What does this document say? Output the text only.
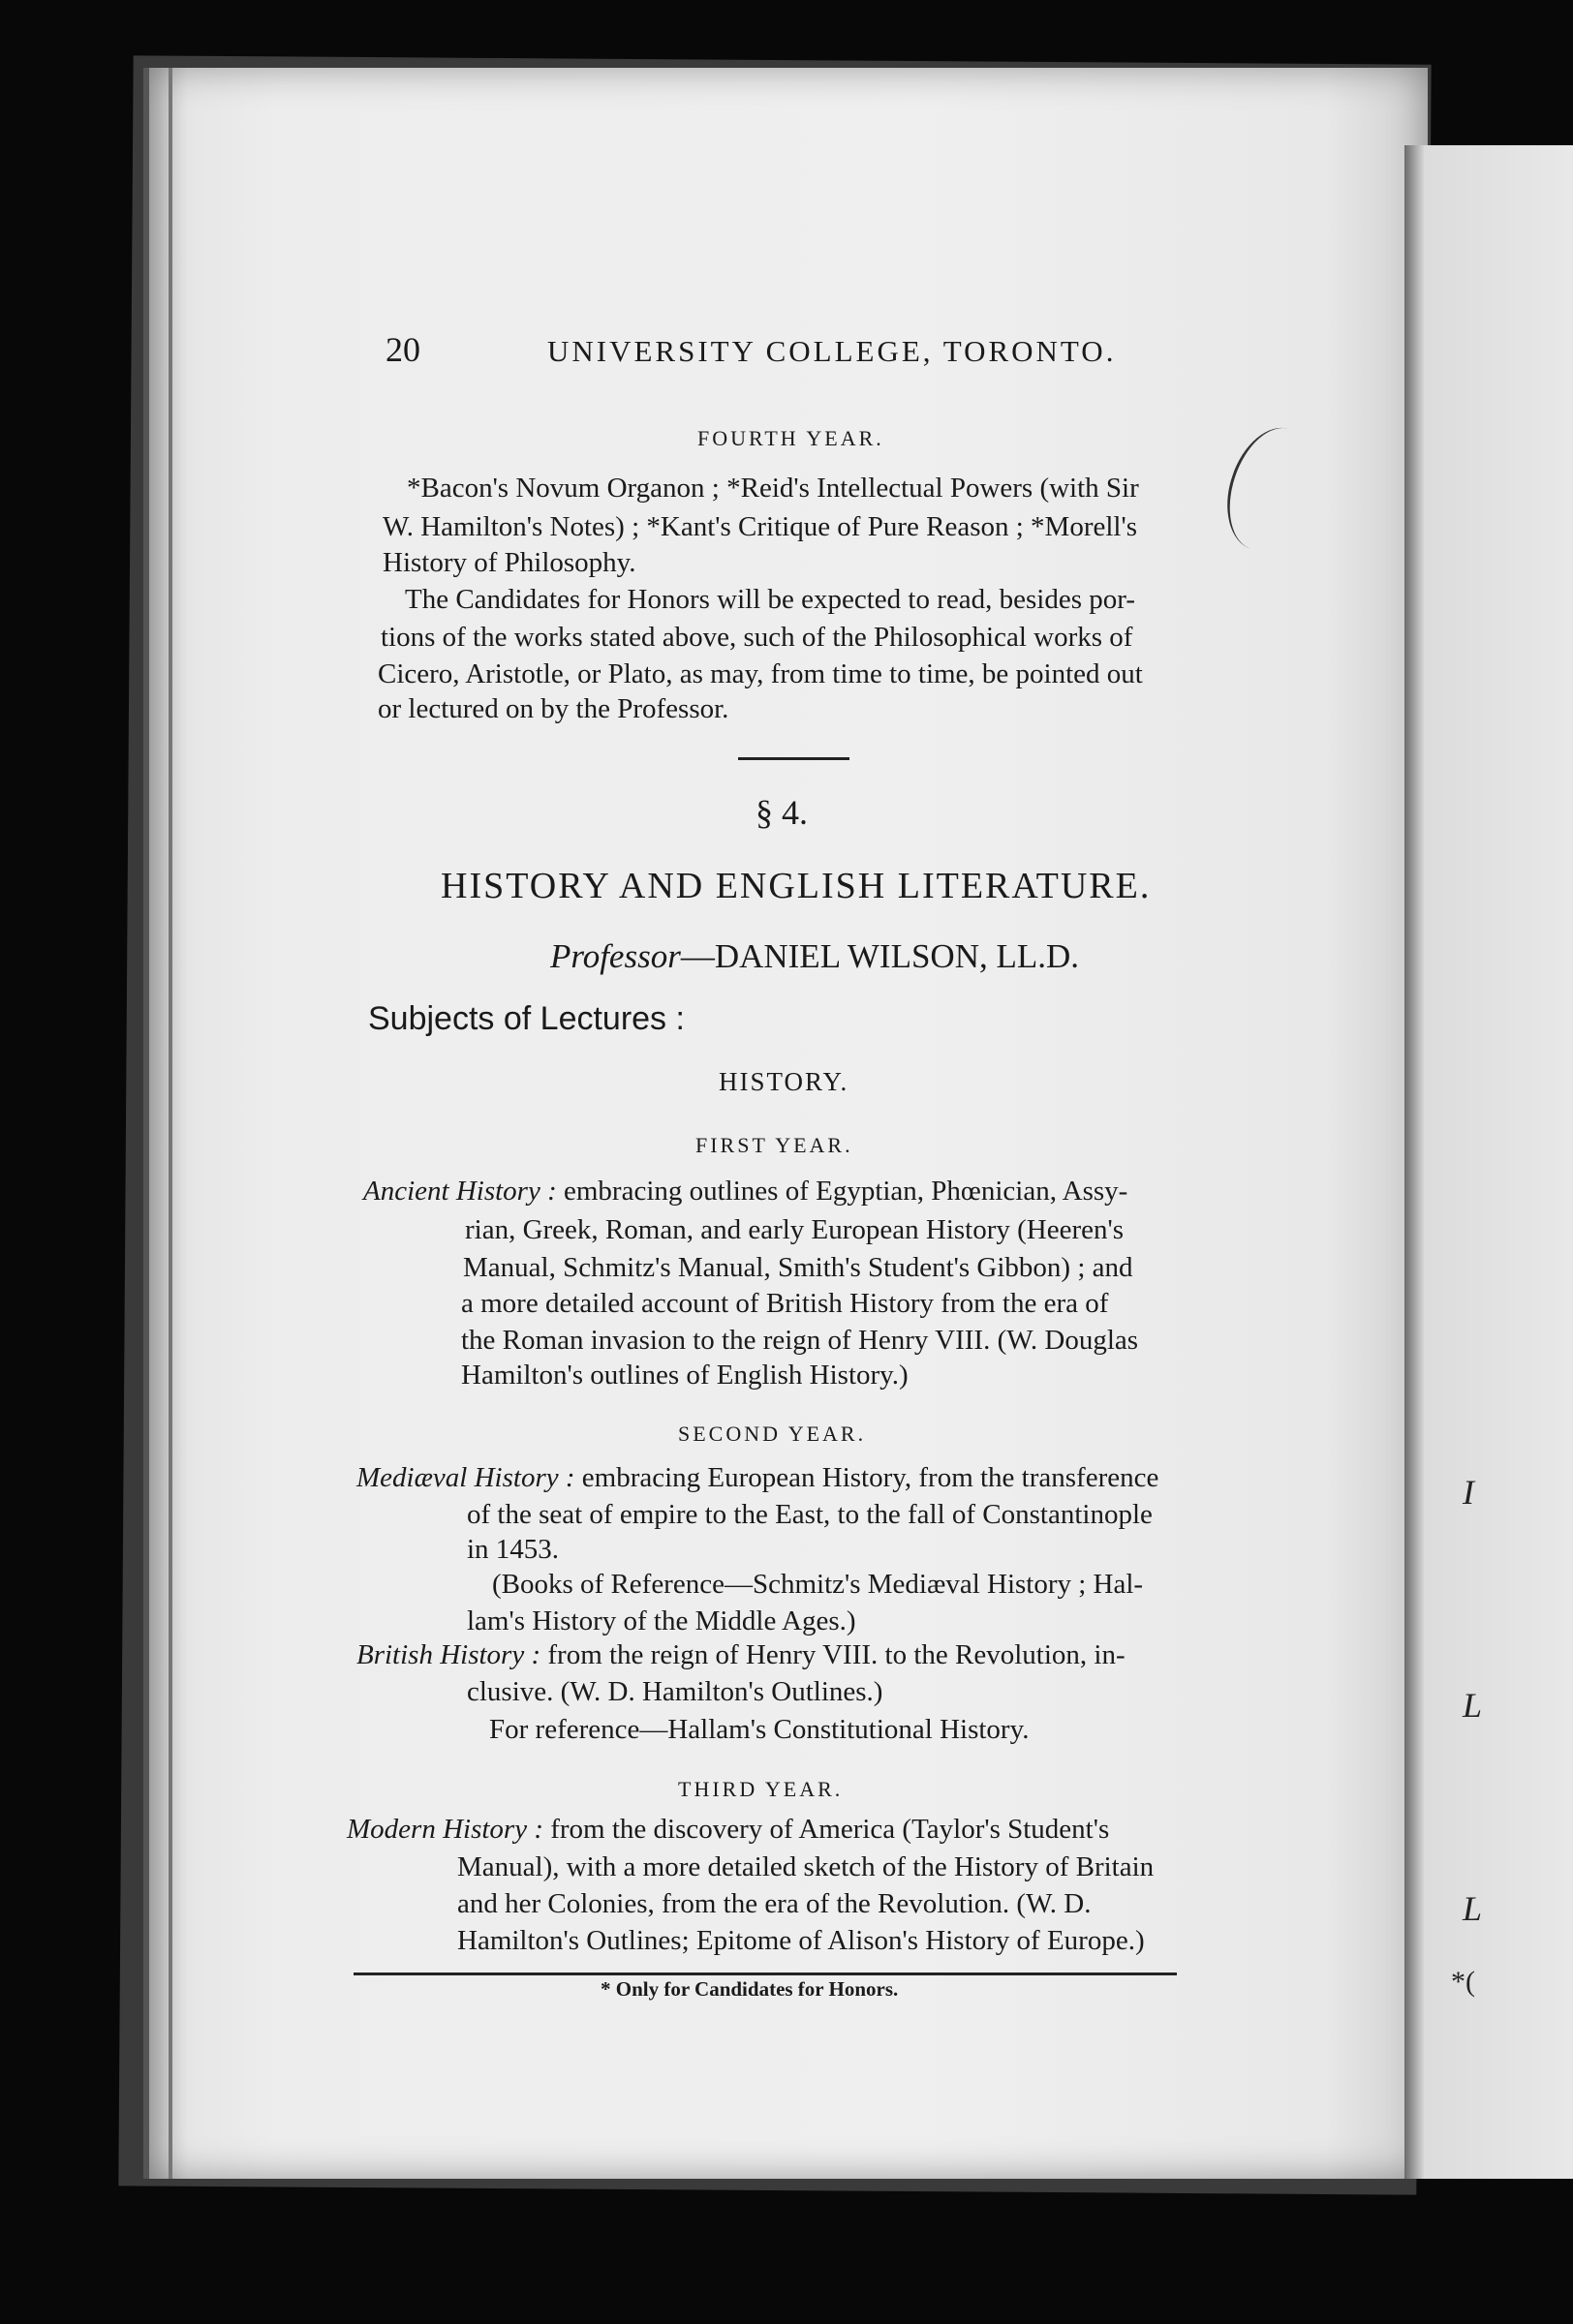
I
L
L
*(
20	UNIVERSITY COLLEGE, TORONTO.
FOURTH YEAR.
*Bacon's Novum Organon ; *Reid's Intellectual Powers (with Sir
W. Hamilton's Notes) ; *Kant's Critique of Pure Reason ; *Morell's
History of Philosophy.
The Candidates for Honors will be expected to read, besides por-
tions of the works stated above, such of the Philosophical works of
Cicero, Aristotle, or Plato, as may, from time to time, be pointed out
or lectured on by the Professor.
§ 4.
HISTORY AND ENGLISH LITERATURE.
Professor—DANIEL WILSON, LL.D.
Subjects of Lectures :
HISTORY.
FIRST YEAR.
Ancient History : embracing outlines of Egyptian, Phœnician, Assy-
rian, Greek, Roman, and early European History (Heeren's
Manual, Schmitz's Manual, Smith's Student's Gibbon) ; and
a more detailed account of British History from the era of
the Roman invasion to the reign of Henry VIII. (W. Douglas
Hamilton's outlines of English History.)
SECOND YEAR.
Mediæval History : embracing European History, from the transference
of the seat of empire to the East, to the fall of Constantinople
in 1453.
(Books of Reference—Schmitz's Mediæval History ; Hal-
lam's History of the Middle Ages.)
British History : from the reign of Henry VIII. to the Revolution, in-
clusive. (W. D. Hamilton's Outlines.)
For reference—Hallam's Constitutional History.
THIRD YEAR.
Modern History : from the discovery of America (Taylor's Student's
Manual), with a more detailed sketch of the History of Britain
and her Colonies, from the era of the Revolution. (W. D.
Hamilton's Outlines; Epitome of Alison's History of Europe.)
* Only for Candidates for Honors.
